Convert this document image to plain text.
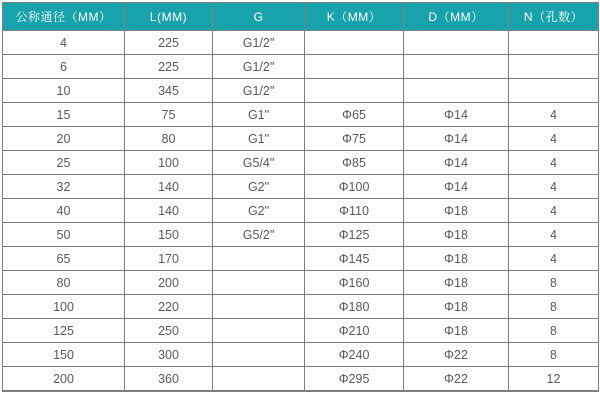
公称通径（MM）	L(MM)	G	K（MM）	D（MM）	N（孔数）
4	225	G1/2"			
6	225	G1/2"			
10	345	G1/2"			
15	75	G1"	Φ65	Φ14	4
20	80	G1"	Φ75	Φ14	4
25	100	G5/4"	Φ85	Φ14	4
32	140	G2"	Φ100	Φ14	4
40	140	G2"	Φ110	Φ18	4
50	150	G5/2"	Φ125	Φ18	4
65	170		Φ145	Φ18	4
80	200		Φ160	Φ18	8
100	220		Φ180	Φ18	8
125	250		Φ210	Φ18	8
150	300		Φ240	Φ22	8
200	360		Φ295	Φ22	12
